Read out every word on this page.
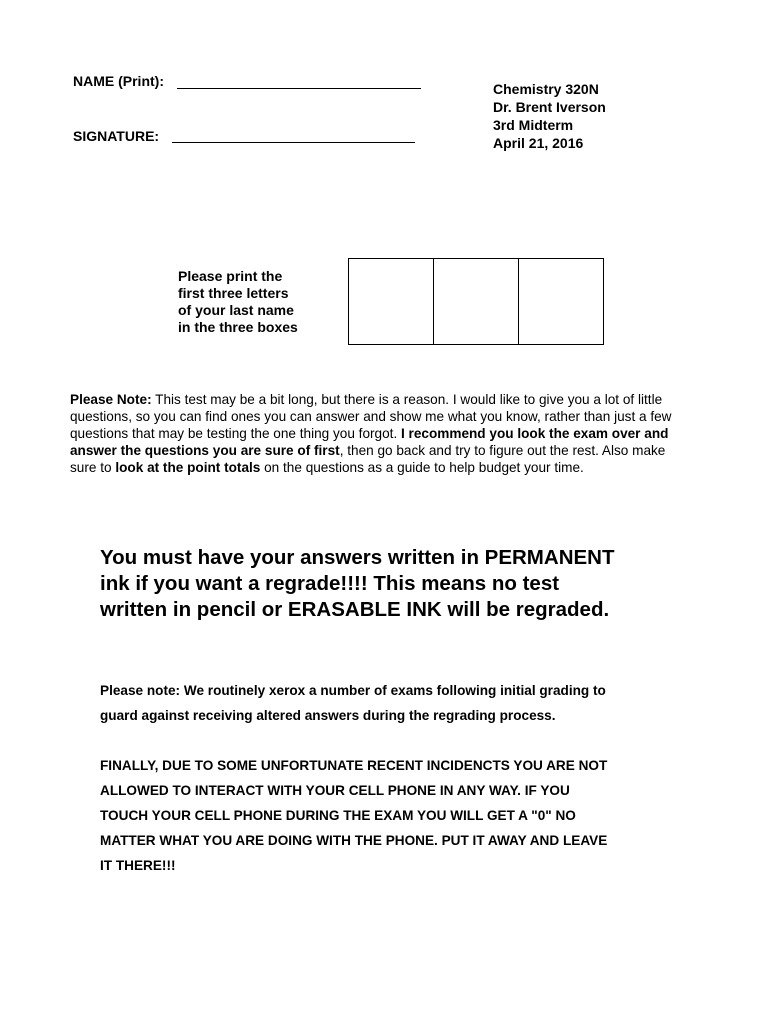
NAME (Print):
SIGNATURE:
Chemistry 320N
Dr. Brent Iverson
3rd Midterm
April 21, 2016
Please print the
first three letters
of your last name
in the three boxes
Please Note: This test may be a bit long, but there is a reason. I would like to give you a lot of little questions, so you can find ones you can answer and show me what you know, rather than just a few questions that may be testing the one thing you forgot. I recommend you look the exam over and answer the questions you are sure of first, then go back and try to figure out the rest. Also make sure to look at the point totals on the questions as a guide to help budget your time.
You must have your answers written in PERMANENT
ink if you want a regrade!!!! This means no test
written in pencil or ERASABLE INK will be regraded.
Please note: We routinely xerox a number of exams following initial grading to
guard against receiving altered answers during the regrading process.
FINALLY, DUE TO SOME UNFORTUNATE RECENT INCIDENCTS YOU ARE NOT
ALLOWED TO INTERACT WITH YOUR CELL PHONE IN ANY WAY. IF YOU
TOUCH YOUR CELL PHONE DURING THE EXAM YOU WILL GET A "0" NO
MATTER WHAT YOU ARE DOING WITH THE PHONE. PUT IT AWAY AND LEAVE
IT THERE!!!
